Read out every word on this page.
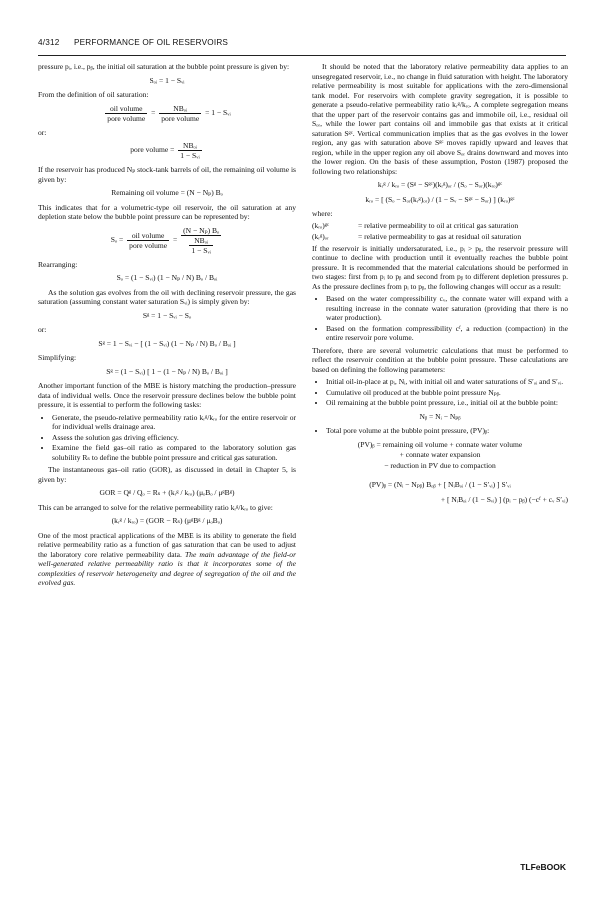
4/312 PERFORMANCE OF OIL RESERVOIRS

pressure pᵢ, i.e., pᵦ, the initial oil saturation at the bubble point pressure is given by:

Sₒᵢ = 1 − Sᵥᵢ

From the definition of oil saturation:

$\frac{\text{oil volume}}{\text{pore volume}} = \frac{\text{NBₒᵢ}}{\text{pore volume}} = 1$ − Sᵥᵢ

or:

pore volume = $\frac{\text{NBₒᵢ}}{\text{1 − Sᵥᵢ}}$

If the reservoir has produced Nₚ stock-tank barrels of oil, the remaining oil volume is given by:

Remaining oil volume = (N − Nₚ) Bₒ

This indicates that for a volumetric-type oil reservoir, the oil saturation at any depletion state below the bubble point pressure can be represented by:

$S_o = \frac{\text{oil volume}}{\text{pore volume}} = \frac{\text{(N − Nₚ) Bₒ}}{\frac{\text{NBₒᵢ}}{\text{1 − Sᵥᵢ}}}$

Rearranging:

Sₒ = (1 − Sᵥᵢ) (1 − Nₚ / N) Bₒ / Bₒᵢ

As the solution gas evolves from the oil with declining reservoir pressure, the gas saturation (assuming constant water saturation Sᵥᵢ) is simply given by:

Sᵍ = 1 − Sᵥᵢ − Sₒ

or:

Sᵍ = 1 − Sᵥᵢ − [ (1 − Sᵥᵢ) (1 − Nₚ / N) Bₒ / Bₒᵢ ]

Simplifying:

Sᵍ = (1 − Sᵥᵢ) [ 1 − (1 − Nₚ / N) Bₒ / Bₒᵢ ]

Another important function of the MBE is history matching the production–pressure data of individual wells. Once the reservoir pressure declines below the bubble point pressure, it is essential to perform the following tasks:

• Generate, the pseudo-relative permeability ratio kᵣᵍ/kᵣₒ for the entire reservoir or for individual wells drainage area.
• Assess the solution gas driving efficiency.
• Examine the field gas–oil ratio as compared to the laboratory solution gas solubility Rₛ to define the bubble point pressure and critical gas saturation.

The instantaneous gas–oil ratio (GOR), as discussed in detail in Chapter 5, is given by:

GOR = Qᵍ / Qₒ = Rₛ + (kᵣᵍ / kᵣₒ) (μₒBₒ / μᵍBᵍ)

This can be arranged to solve for the relative permeability ratio kᵣᵍ/kᵣₒ to give:

(kᵣᵍ / kᵣₒ) = (GOR − Rₛ) (μᵍBᵍ / μₒBₒ)

One of the most practical applications of the MBE is its ability to generate the field relative permeability ratio as a function of gas saturation that can be used to adjust the laboratory core relative permeability data. The main advantage of the field-or well-generated relative permeability ratio is that it incorporates some of the complexities of reservoir heterogeneity and degree of segregation of the oil and the evolved gas.

It should be noted that the laboratory relative permeability data applies to an unsegregated reservoir, i.e., no change in fluid saturation with height. The laboratory relative permeability is most suitable for applications with the zero-dimensional tank model. For reservoirs with complete gravity segregation, it is possible to generate a pseudo-relative permeability ratio kᵣᵍ/kᵣₒ. A complete segregation means that the upper part of the reservoir contains gas and immobile oil, i.e., residual oil Sₒᵣ, while the lower part contains oil and immobile gas that exists at it critical saturation Sᵍᶜ. Vertical communication implies that as the gas evolves in the lower region, any gas with saturation above Sᵍᶜ moves rapidly upward and leaves that region, while in the upper region any oil above Sₒᵣ drains downward and moves into the lower region. On the basis of these assumption, Poston (1987) proposed the following two relationships:

kᵣᵍ / kᵣₒ = (Sᵍ − Sᵍᶜ)(kᵣᵍ)ₒᵣ / (Sₒ − Sₒᵣ)(kᵣₒ)ᵍᶜ
kᵣₒ = [ (Sₒ − Sₒᵣ(kᵣᵍ)ₒᵣ) / (1 − Sᵥ − Sᵍᶜ − Sₒᵣ) ] (kᵣₒ)ᵍᶜ

where:

(kᵣₒ)ᵍᶜ	= relative permeability to oil at critical gas saturation
(kᵣᵍ)ₒᵣ	= relative permeability to gas at residual oil saturation

If the reservoir is initially undersaturated, i.e., pᵢ > pᵦ, the reservoir pressure will continue to decline with production until it eventually reaches the bubble point pressure. It is recommended that the material calculations should be performed in two stages: first from pᵢ to pᵦ and second from pᵦ to different depletion pressures p. As the pressure declines from pᵢ to pᵦ, the following changes will occur as a result:

• Based on the water compressibility cᵥ, the connate water will expand with a resulting increase in the connate water saturation (providing that there is no water production).
• Based on the formation compressibility cᶠ, a reduction (compaction) in the entire reservoir pore volume.

Therefore, there are several volumetric calculations that must be performed to reflect the reservoir condition at the bubble point pressure. These calculations are based on defining the following parameters:

• Initial oil-in-place at pᵢ, Nᵢ, with initial oil and water saturations of S′ₒᵢ and S′ᵥᵢ.
• Cumulative oil produced at the bubble point pressure Nₚᵦ.
• Oil remaining at the bubble point pressure, i.e., initial oil at the bubble point:
Nᵦ = Nᵢ − Nₚᵦ
• Total pore volume at the bubble point pressure, (PV)ᵦ:
(PV)ᵦ = remaining oil volume + connate water volume
+ connate water expansion
− reduction in PV due to compaction
(PV)ᵦ = (Nᵢ − Nₚᵦ) Bₒᵦ + [ NᵢBₒᵢ / (1 − S′ᵥᵢ) ] S′ᵥᵢ
+ [ NᵢBₒᵢ / (1 − Sᵥᵢ) ] (pᵢ − pᵦ) (−cᶠ + cᵥ S′ᵥᵢ)
TLFeBOOK
